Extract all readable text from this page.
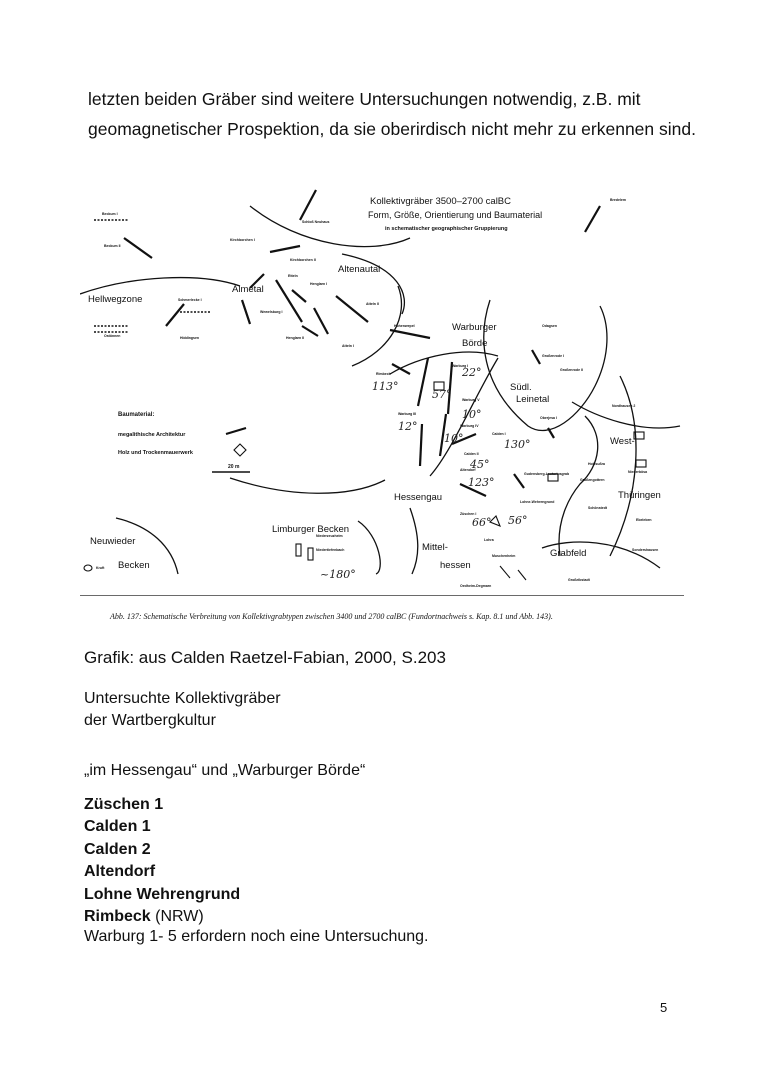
letzten beiden Gräber sind weitere Untersuchungen notwendig, z.B. mit

geomagnetischer Prospektion, da sie oberirdisch nicht mehr zu erkennen sind.

Kollektivgräber 3500–2700 calBC
Form, Größe, Orientierung und Baumaterial
in schematischer geographischer Gruppierung
Hellwegzone
Almetal
Altenautal
Warburger
Börde
Südl.
Leinetal
West-
Thüringen
Hessengau
Mittel-
hessen
Grabfeld
Neuwieder
Becken
Limburger Becken
Baumaterial:
megalithische Architektur
Holz und Trockenmauerwerk
20 m
Bredelem
Beckum I
Beckum II
Schloß Neuhaus
Kirchborchen I
Kirchborchen II
Schmerlecke I
Ostönnen	Hiddingsen
Etteln
Henglarn I
Henglarn II
Atteln I
Atteln II
Wewelsburg I
Hohenwepel	Odagsen
Rimbeck
Warburg I
Warburg III
Warburg V
Warburg IV
Großenrode I
Großenrode II
Oberjesa I
Nordhausen 2
Calden I
Calden II
Altendorf
Holzsußra
Niederbösa
Großengottern
Schönstedt
Ebeleben
Sondershausen
Züschen I
Gudensberg-Lautariusgrab
Lohne-Wehrengrund
Lohra
Muschenheim
Niedertiefenbach
Niederzeuzheim
Kruft
Großeibstadt
Oedheim-Degmarn
22°
57°
113°
10°
12°
10°
45°
130°
123°
66° 56°
~180°
Abb. 137: Schematische Verbreitung von Kollektivgrabtypen zwischen 3400 und 2700 calBC (Fundortnachweis s. Kap. 8.1 und Abb. 143).
Grafik: aus Calden Raetzel-Fabian, 2000, S.203
Untersuchte Kollektivgräber
der Wartbergkultur
„im Hessengau“ und „Warburger Börde“
Züschen 1
Calden 1
Calden 2
Altendorf
Lohne Wehrengrund
Rimbeck (NRW)
Warburg 1- 5 erfordern noch eine Untersuchung.
5
